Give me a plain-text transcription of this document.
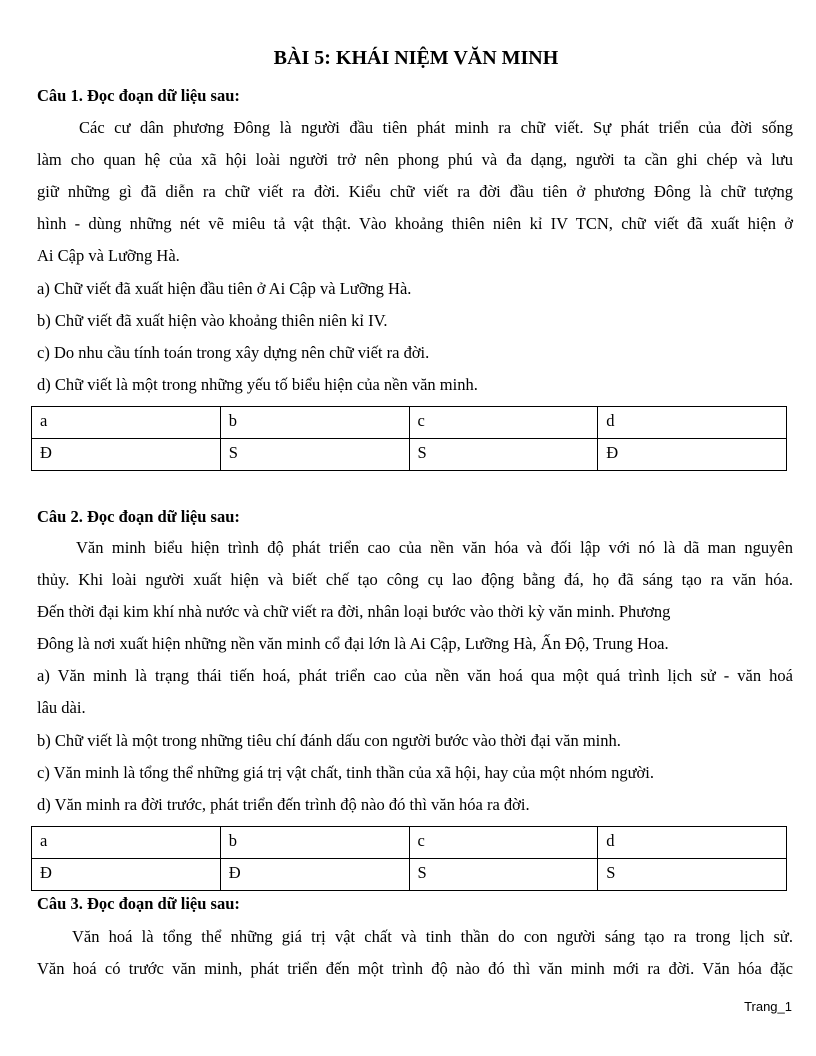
BÀI 5: KHÁI NIỆM VĂN MINH
Câu 1. Đọc đoạn dữ liệu sau:
Các cư dân phương Đông là người đầu tiên phát minh ra chữ viết. Sự phát triển của đời sống
làm cho quan hệ của xã hội loài người trở nên phong phú và đa dạng, người ta cần ghi chép và lưu
giữ những gì đã diễn ra chữ viết ra đời. Kiểu chữ viết ra đời đầu tiên ở phương Đông là chữ tượng
hình - dùng những nét vẽ miêu tả vật thật. Vào khoảng thiên niên kỉ IV TCN, chữ viết đã xuất hiện ở
Ai Cập và Lưỡng Hà.
a) Chữ viết đã xuất hiện đầu tiên ở Ai Cập và Lưỡng Hà.
b) Chữ viết đã xuất hiện vào khoảng thiên niên kỉ IV.
c) Do nhu cầu tính toán trong xây dựng nên chữ viết ra đời.
d) Chữ viết là một trong những yếu tố biểu hiện của nền văn minh.
a	b	c	d

Đ	S	S	Đ
Câu 2. Đọc đoạn dữ liệu sau:
Văn minh biểu hiện trình độ phát triển cao của nền văn hóa và đối lập với nó là dã man nguyên
thủy. Khi loài người xuất hiện và biết chế tạo công cụ lao động bằng đá, họ đã sáng tạo ra văn hóa.
Đến thời đại kim khí nhà nước và chữ viết ra đời, nhân loại bước vào thời kỳ văn minh. Phương
Đông là nơi xuất hiện những nền văn minh cổ đại lớn là Ai Cập, Lưỡng Hà, Ấn Độ, Trung Hoa.
a) Văn minh là trạng thái tiến hoá, phát triển cao của nền văn hoá qua một quá trình lịch sử - văn hoá
lâu dài.
b) Chữ viết là một trong những tiêu chí đánh dấu con người bước vào thời đại văn minh.
c) Văn minh là tổng thể những giá trị vật chất, tinh thần của xã hội, hay của một nhóm người.
d) Văn minh ra đời trước, phát triển đến trình độ nào đó thì văn hóa ra đời.
a	b	c	d

Đ	Đ	S	S
Câu 3. Đọc đoạn dữ liệu sau:
Văn hoá là tổng thể những giá trị vật chất và tinh thần do con người sáng tạo ra trong lịch sử.
Văn hoá có trước văn minh, phát triển đến một trình độ nào đó thì văn minh mới ra đời. Văn hóa đặc
Trang_1
